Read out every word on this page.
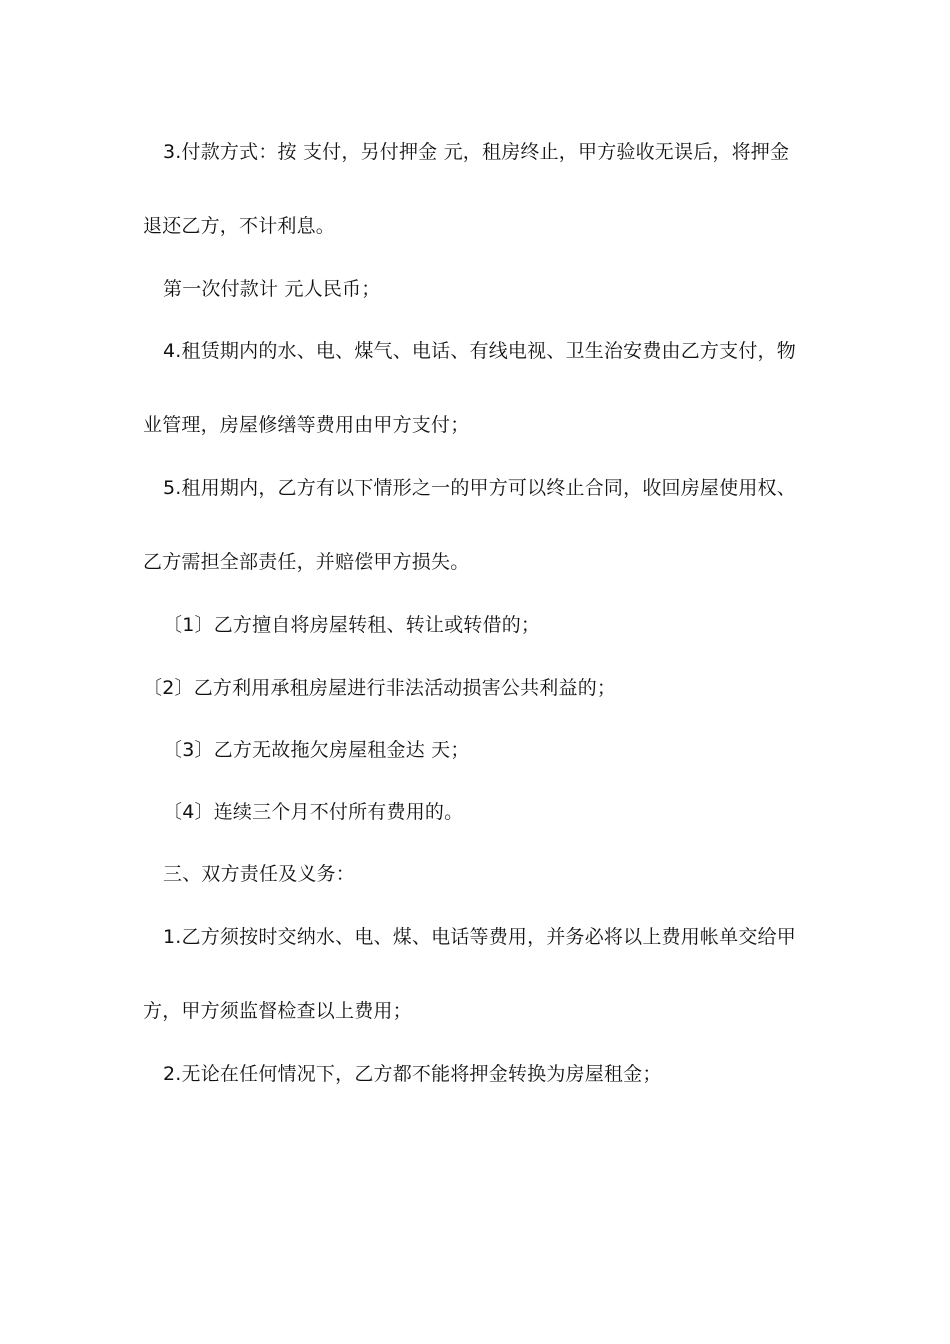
3.付款方式：按 支付，另付押金 元，租房终止，甲方验收无误后，将押金
退还乙方，不计利息。
第一次付款计 元人民币；
4.租赁期内的水、电、煤气、电话、有线电视、卫生治安费由乙方支付，物
业管理，房屋修缮等费用由甲方支付；
5.租用期内，乙方有以下情形之一的甲方可以终止合同，收回房屋使用权、
乙方需担全部责任，并赔偿甲方损失。
〔1〕乙方擅自将房屋转租、转让或转借的；
〔2〕乙方利用承租房屋进行非法活动损害公共利益的；
〔3〕乙方无故拖欠房屋租金达 天；
〔4〕连续三个月不付所有费用的。
三、双方责任及义务：
1.乙方须按时交纳水、电、煤、电话等费用，并务必将以上费用帐单交给甲
方，甲方须监督检查以上费用；
2.无论在任何情况下，乙方都不能将押金转换为房屋租金；
